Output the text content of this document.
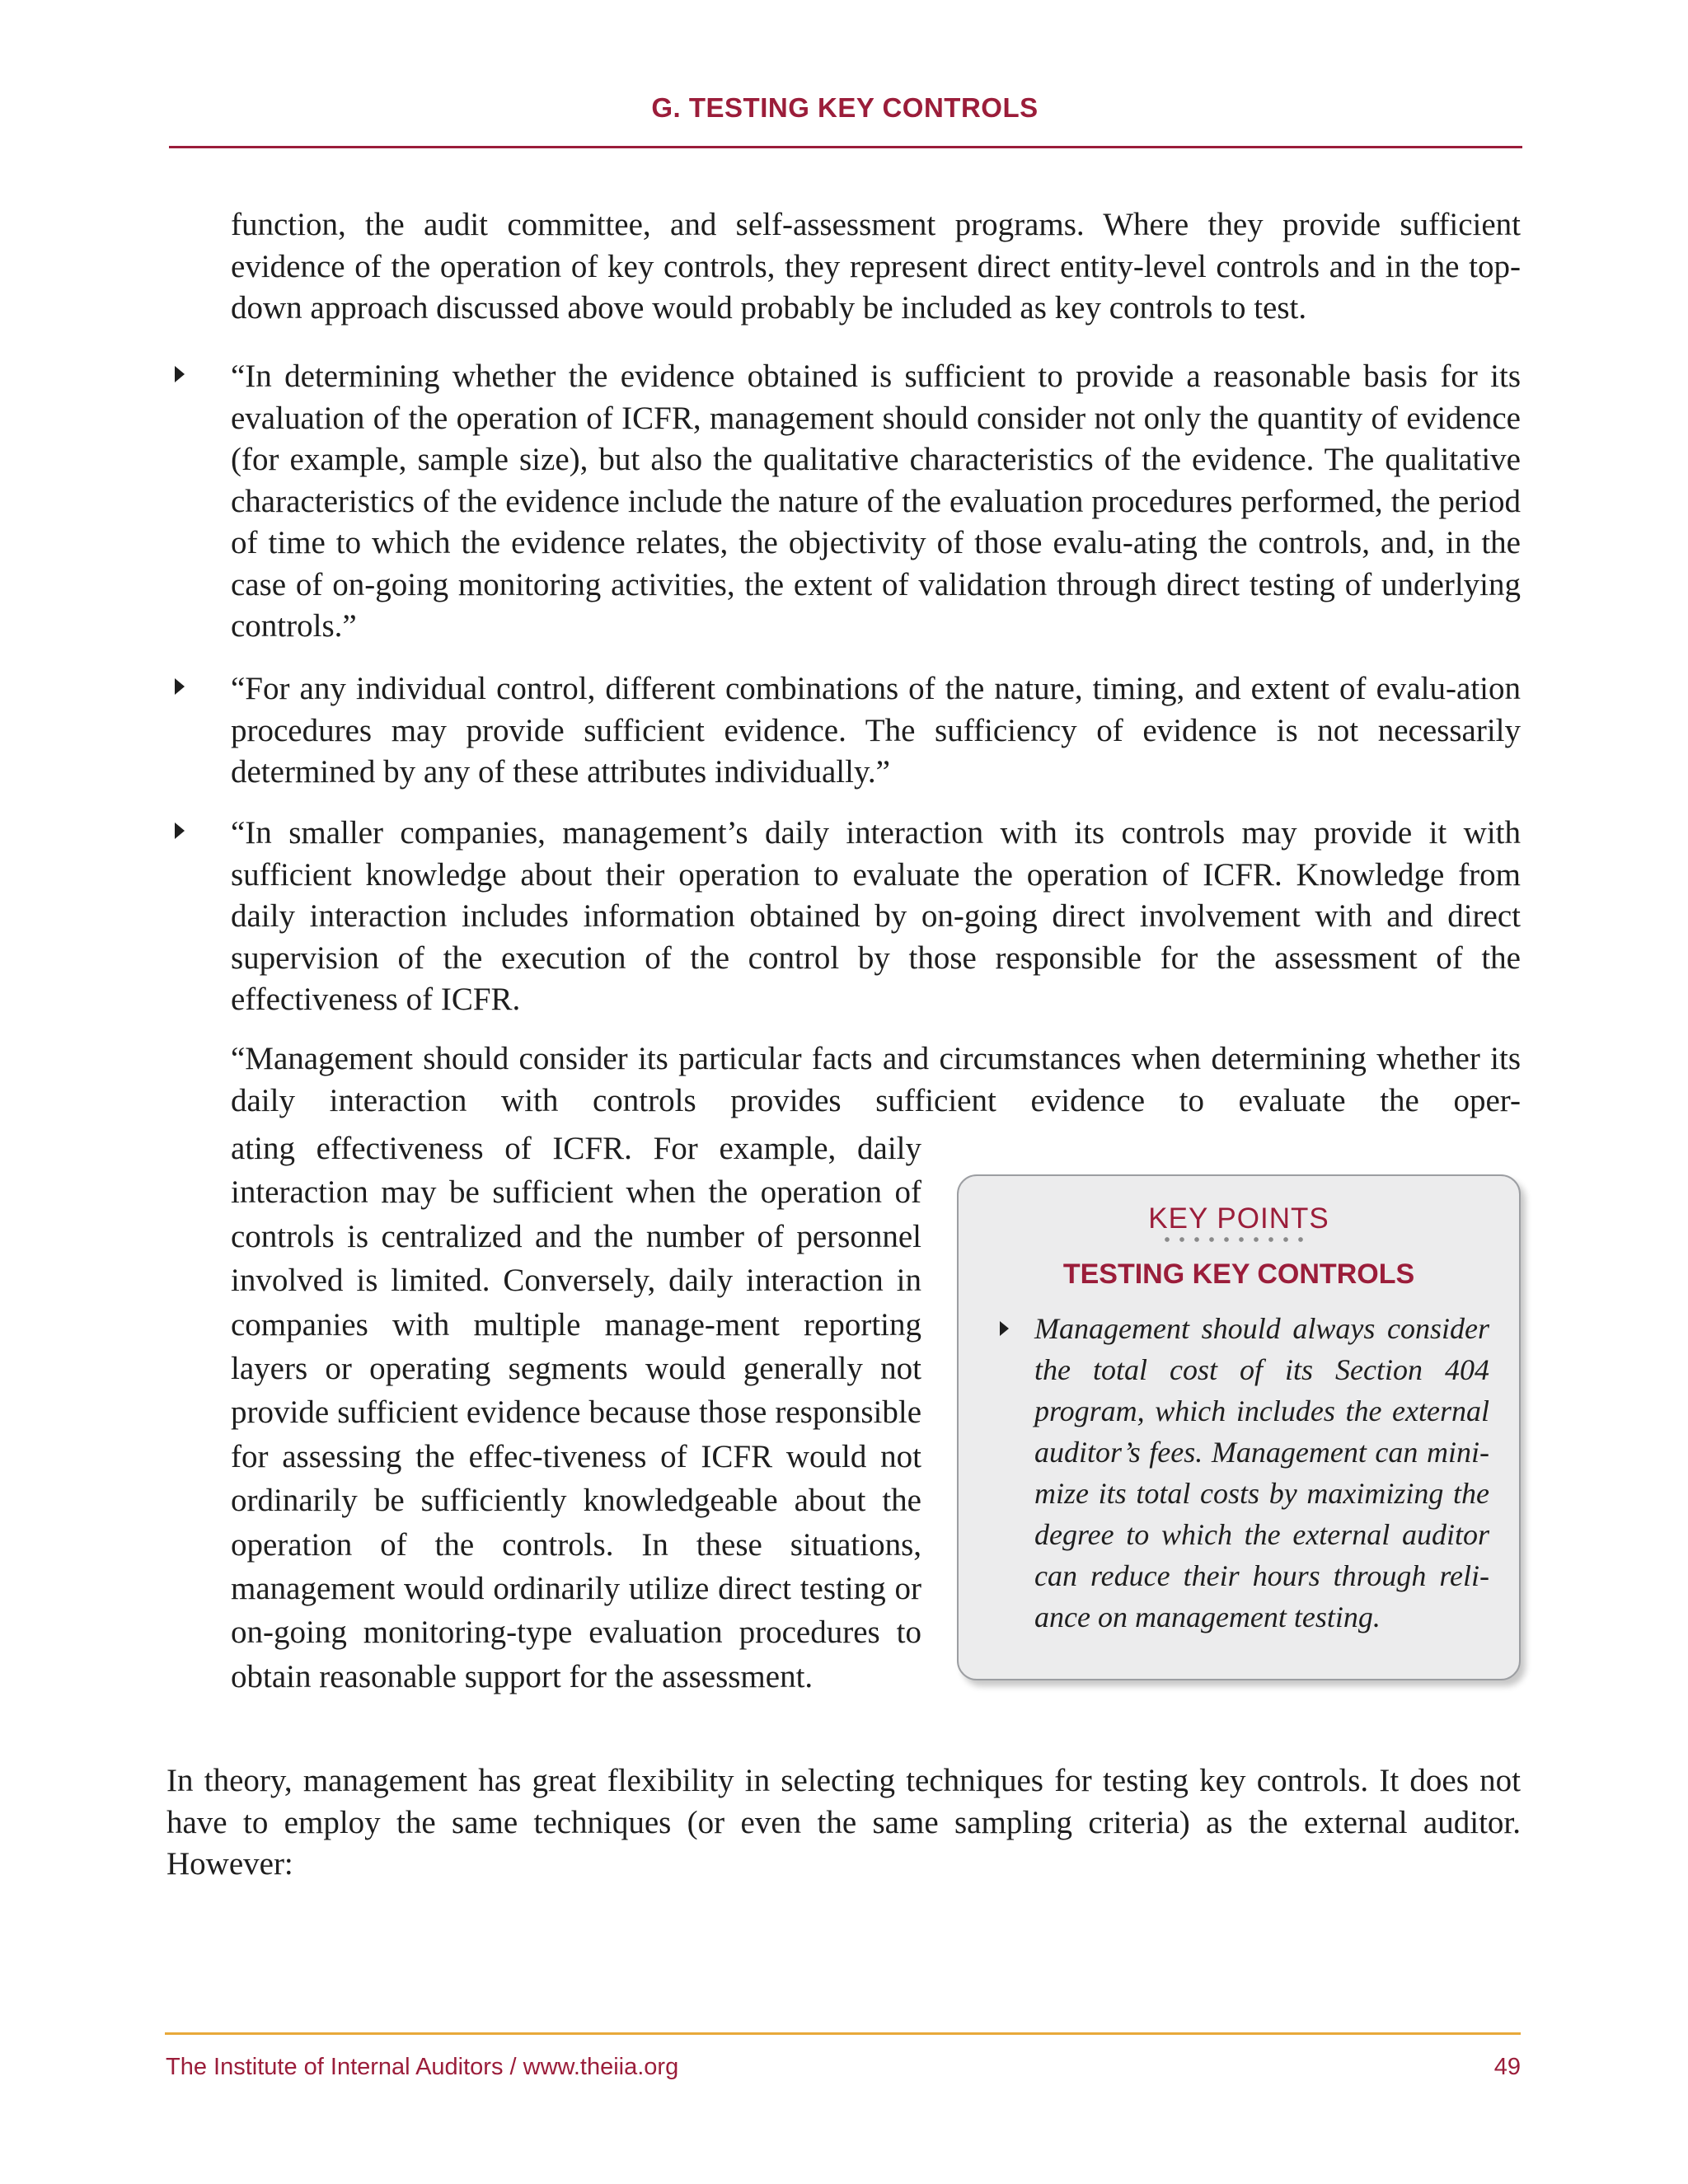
G. TESTING KEY CONTROLS

function, the audit committee, and self-assessment programs. Where they provide sufficient evidence of the operation of key controls, they represent direct entity-level controls and in the top-down approach discussed above would probably be included as key controls to test.

“In determining whether the evidence obtained is sufficient to provide a reasonable basis for its evaluation of the operation of ICFR, management should consider not only the quantity of evidence (for example, sample size), but also the qualitative characteristics of the evidence. The qualitative characteristics of the evidence include the nature of the evaluation procedures performed, the period of time to which the evidence relates, the objectivity of those evalu-ating the controls, and, in the case of on-going monitoring activities, the extent of validation through direct testing of underlying controls.”

“For any individual control, different combinations of the nature, timing, and extent of evalu-ation procedures may provide sufficient evidence. The sufficiency of evidence is not necessarily determined by any of these attributes individually.”

“In smaller companies, management’s daily interaction with its controls may provide it with sufficient knowledge about their operation to evaluate the operation of ICFR. Knowledge from daily interaction includes information obtained by on-going direct involvement with and direct supervision of the execution of the control by those responsible for the assessment of the effectiveness of ICFR.

“Management should consider its particular facts and circumstances when determining whether its daily interaction with controls provides sufficient evidence to evaluate the oper-

ating effectiveness of ICFR. For example, daily interaction may be sufficient when the operation of controls is centralized and the number of personnel involved is limited. Conversely, daily interaction in companies with multiple manage-ment reporting layers or operating segments would generally not provide sufficient evidence because those responsible for assessing the effec-tiveness of ICFR would not ordinarily be sufficiently knowledgeable about the operation of the controls. In these situations, management would ordinarily utilize direct testing or on-going monitoring-type evaluation procedures to obtain reasonable support for the assessment.

KEY POINTS
TESTING KEY CONTROLS

Management should always consider the total cost of its Section 404 program, which includes the external auditor’s fees. Management can mini-mize its total costs by maximizing the degree to which the external auditor can reduce their hours through reli-ance on management testing.

In theory, management has great flexibility in selecting techniques for testing key controls. It does not have to employ the same techniques (or even the same sampling criteria) as the external auditor. However:

The Institute of Internal Auditors / www.theiia.org	49
